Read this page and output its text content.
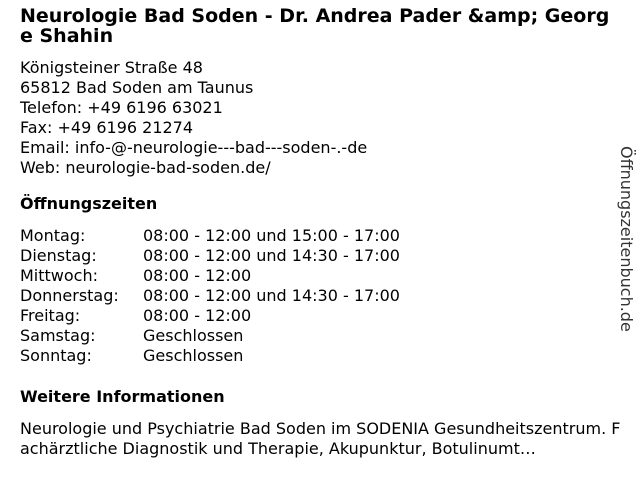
Neurologie Bad Soden - Dr. Andrea Pader &amp; George Shahin
Königsteiner Straße 48
65812 Bad Soden am Taunus
Telefon: +49 6196 63021
Fax: +49 6196 21274
Email: info-@-neurologie---bad---soden-.-de
Web: neurologie-bad-soden.de/
Öffnungszeiten
Montag:	08:00 - 12:00 und 15:00 - 17:00
Dienstag:	08:00 - 12:00 und 14:30 - 17:00
Mittwoch:	08:00 - 12:00
Donnerstag:	08:00 - 12:00 und 14:30 - 17:00
Freitag:	08:00 - 12:00
Samstag:	Geschlossen
Sonntag:	Geschlossen
Weitere Informationen
Neurologie und Psychiatrie Bad Soden im SODENIA Gesundheitszentrum. Fachärztliche Diagnostik und Therapie, Akupunktur, Botulinumt…
Öffnungszeitenbuch.de
